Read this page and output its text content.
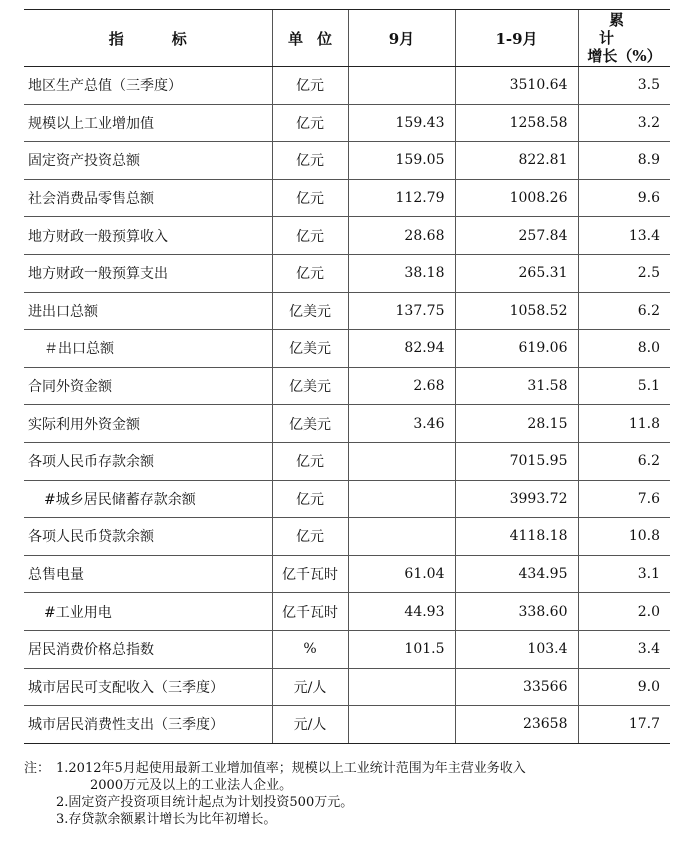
指标	单位	9月	1-9月	累计
增长（%）
地区生产总值（三季度）	亿元		3510.64	3.5
规模以上工业增加值	亿元	159.43	1258.58	3.2
固定资产投资总额	亿元	159.05	822.81	8.9
社会消费品零售总额	亿元	112.79	1008.26	9.6
地方财政一般预算收入	亿元	28.68	257.84	13.4
地方财政一般预算支出	亿元	38.18	265.31	2.5
进出口总额	亿美元	137.75	1058.52	6.2
＃出口总额	亿美元	82.94	619.06	8.0
合同外资金额	亿美元	2.68	31.58	5.1
实际利用外资金额	亿美元	3.46	28.15	11.8
各项人民币存款余额	亿元		7015.95	6.2
#城乡居民储蓄存款余额	亿元		3993.72	7.6
各项人民币贷款余额	亿元		4118.18	10.8
总售电量	亿千瓦时	61.04	434.95	3.1
#工业用电	亿千瓦时	44.93	338.60	2.0
居民消费价格总指数	%	101.5	103.4	3.4
城市居民可支配收入（三季度）	元/人		33566	9.0
城市居民消费性支出（三季度）	元/人		23658	17.7
注： 1.2012年5月起使用最新工业增加值率；规模以上工业统计范围为年主营业务收入
2000万元及以上的工业法人企业。
2.固定资产投资项目统计起点为计划投资500万元。
3.存贷款余额累计增长为比年初增长。
